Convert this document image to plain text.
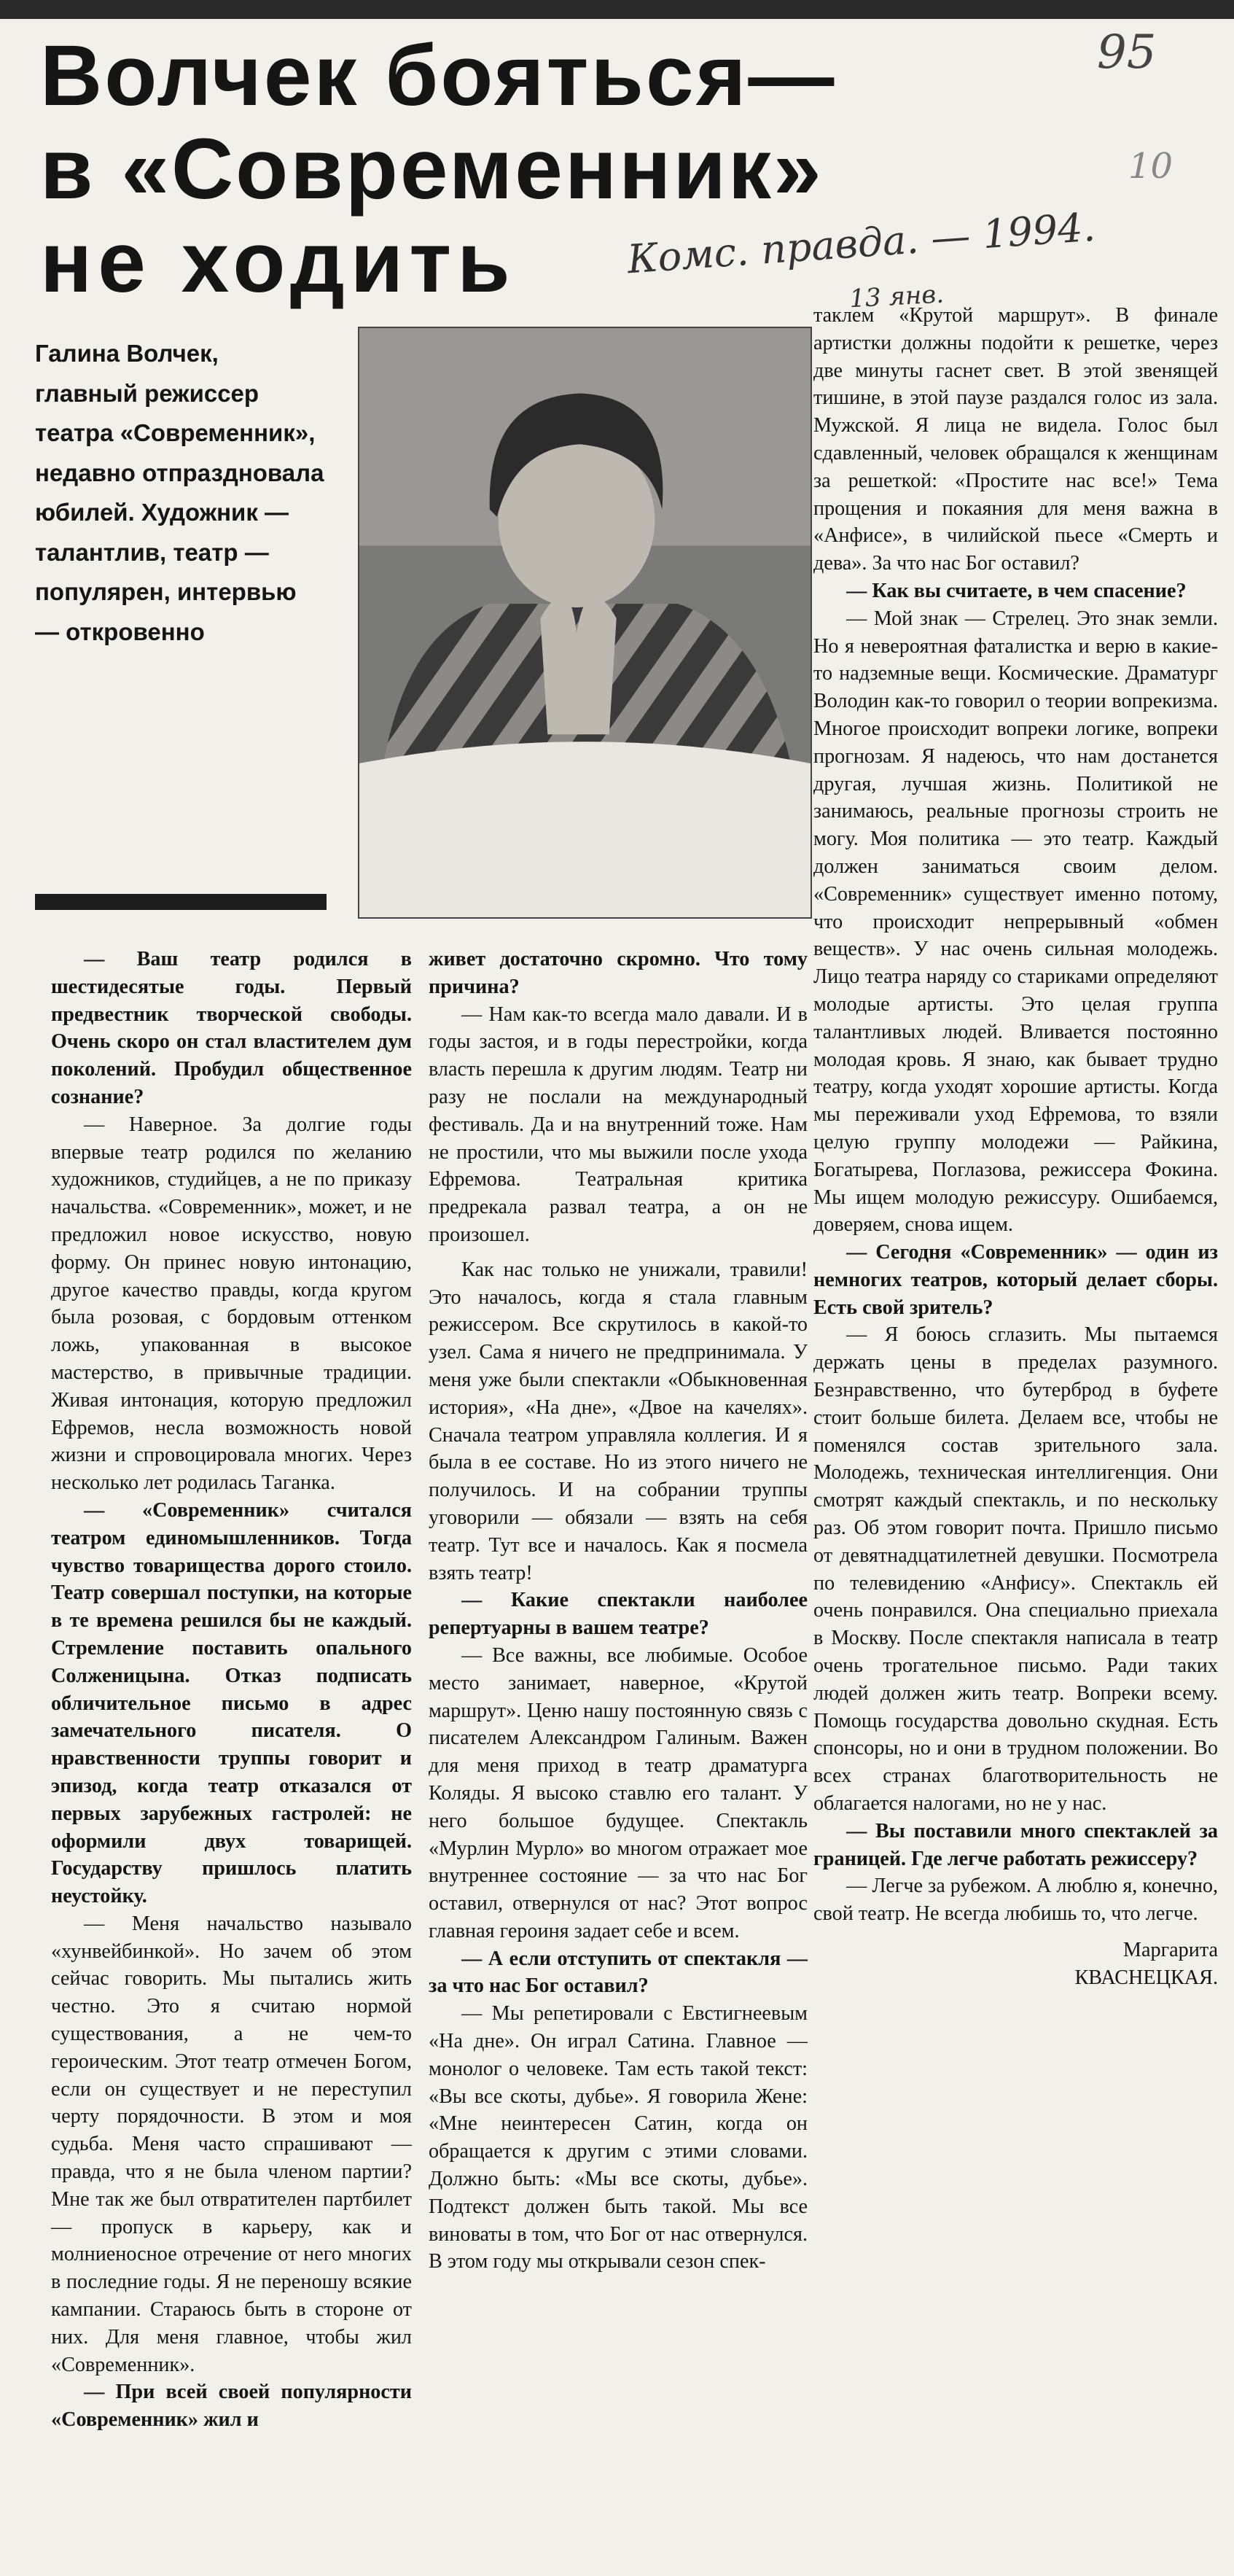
Волчек бояться—
в «Современник»
не ходить
95
10
Комс. правда. — 1994.
13 янв.

Галина Волчек, главный режиссер театра «Современник», недавно отпраздновала юбилей. Художник — талантлив, театр — популярен, интервью — откровенно

— Ваш театр родился в шестидесятые годы. Первый предвестник творческой свободы. Очень скоро он стал властителем дум поколений. Пробудил общественное сознание?

— Наверное. За долгие годы впервые театр родился по желанию художников, студийцев, а не по приказу начальства. «Современник», может, и не предложил новое искусство, новую форму. Он принес новую интонацию, другое качество правды, когда кругом была розовая, с бордовым оттенком ложь, упакованная в высокое мастерство, в привычные традиции. Живая интонация, которую предложил Ефремов, несла возможность новой жизни и спровоцировала многих. Через несколько лет родилась Таганка.

— «Современник» считался театром единомышленников. Тогда чувство товарищества дорого стоило. Театр совершал поступки, на которые в те времена решился бы не каждый. Стремление поставить опального Солженицына. Отказ подписать обличительное письмо в адрес замечательного писателя. О нравственности труппы говорит и эпизод, когда театр отказался от первых зарубежных гастролей: не оформили двух товарищей. Государству пришлось платить неустойку.

— Меня начальство называло «хунвейбинкой». Но зачем об этом сейчас говорить. Мы пытались жить честно. Это я считаю нормой существования, а не чем-то героическим. Этот театр отмечен Богом, если он существует и не переступил черту порядочности. В этом и моя судьба. Меня часто спрашивают — правда, что я не была членом партии? Мне так же был отвратителен партбилет — пропуск в карьеру, как и молниеносное отречение от него многих в последние годы. Я не переношу всякие кампании. Стараюсь быть в стороне от них. Для меня главное, чтобы жил «Современник».

— При всей своей популярности «Современник» жил и

живет достаточно скромно. Что тому причина?

— Нам как-то всегда мало давали. И в годы застоя, и в годы перестройки, когда власть перешла к другим людям. Театр ни разу не послали на международный фестиваль. Да и на внутренний тоже. Нам не простили, что мы выжили после ухода Ефремова. Театральная критика предрекала развал театра, а он не произошел.

Как нас только не унижали, травили! Это началось, когда я стала главным режиссером. Все скрутилось в какой-то узел. Сама я ничего не предпринимала. У меня уже были спектакли «Обыкновенная история», «На дне», «Двое на качелях». Сначала театром управляла коллегия. И я была в ее составе. Но из этого ничего не получилось. И на собрании труппы уговорили — обязали — взять на себя театр. Тут все и началось. Как я посмела взять театр!

— Какие спектакли наиболее репертуарны в вашем театре?

— Все важны, все любимые. Особое место занимает, наверное, «Крутой маршрут». Ценю нашу постоянную связь с писателем Александром Галиным. Важен для меня приход в театр драматурга Коляды. Я высоко ставлю его талант. У него большое будущее. Спектакль «Мурлин Мурло» во многом отражает мое внутреннее состояние — за что нас Бог оставил, отвернулся от нас? Этот вопрос главная героиня задает себе и всем.

— А если отступить от спектакля — за что нас Бог оставил?

— Мы репетировали с Евстигнеевым «На дне». Он играл Сатина. Главное — монолог о человеке. Там есть такой текст: «Вы все скоты, дубье». Я говорила Жене: «Мне неинтересен Сатин, когда он обращается к другим с этими словами. Должно быть: «Мы все скоты, дубье». Подтекст должен быть такой. Мы все виноваты в том, что Бог от нас отвернулся. В этом году мы открывали сезон спек-

таклем «Крутой маршрут». В финале артистки должны подойти к решетке, через две минуты гаснет свет. В этой звенящей тишине, в этой паузе раздался голос из зала. Мужской. Я лица не видела. Голос был сдавленный, человек обращался к женщинам за решеткой: «Простите нас все!» Тема прощения и покаяния для меня важна в «Анфисе», в чилийской пьесе «Смерть и дева». За что нас Бог оставил?

— Как вы считаете, в чем спасение?

— Мой знак — Стрелец. Это знак земли. Но я невероятная фаталистка и верю в какие-то надземные вещи. Космические. Драматург Володин как-то говорил о теории вопрекизма. Многое происходит вопреки логике, вопреки прогнозам. Я надеюсь, что нам достанется другая, лучшая жизнь. Политикой не занимаюсь, реальные прогнозы строить не могу. Моя политика — это театр. Каждый должен заниматься своим делом. «Современник» существует именно потому, что происходит непрерывный «обмен веществ». У нас очень сильная молодежь. Лицо театра наряду со стариками определяют молодые артисты. Это целая группа талантливых людей. Вливается постоянно молодая кровь. Я знаю, как бывает трудно театру, когда уходят хорошие артисты. Когда мы переживали уход Ефремова, то взяли целую группу молодежи — Райкина, Богатырева, Поглазова, режиссера Фокина. Мы ищем молодую режиссуру. Ошибаемся, доверяем, снова ищем.

— Сегодня «Современник» — один из немногих театров, который делает сборы. Есть свой зритель?

— Я боюсь сглазить. Мы пытаемся держать цены в пределах разумного. Безнравственно, что бутерброд в буфете стоит больше билета. Делаем все, чтобы не поменялся состав зрительного зала. Молодежь, техническая интеллигенция. Они смотрят каждый спектакль, и по нескольку раз. Об этом говорит почта. Пришло письмо от девятнадцатилетней девушки. Посмотрела по телевидению «Анфису». Спектакль ей очень понравился. Она специально приехала в Москву. После спектакля написала в театр очень трогательное письмо. Ради таких людей должен жить театр. Вопреки всему. Помощь государства довольно скудная. Есть спонсоры, но и они в трудном положении. Во всех странах благотворительность не облагается налогами, но не у нас.

— Вы поставили много спектаклей за границей. Где легче работать режиссеру?

— Легче за рубежом. А люблю я, конечно, свой театр. Не всегда любишь то, что легче.

Маргарита
КВАСНЕЦКАЯ.
